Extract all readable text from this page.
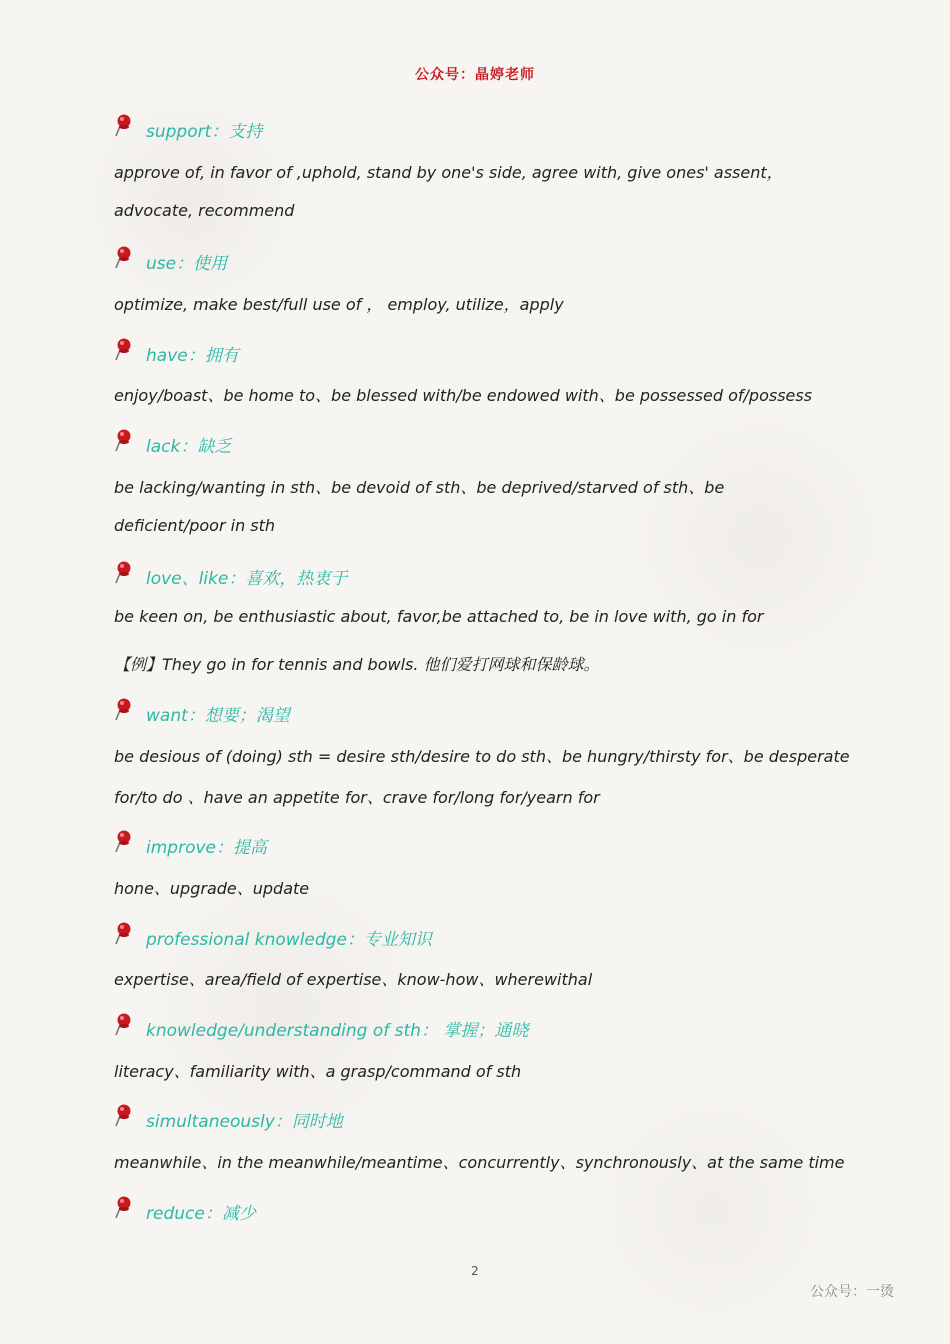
公众号：晶婷老师
support：支持
approve of, in favor of ,uphold, stand by one's side, agree with, give ones' assent，
advocate, recommend
use：使用
optimize, make best/full use of ， employ, utilize，apply
have：拥有
enjoy/boast、be home to、be blessed with/be endowed with、be possessed of/possess
lack：缺乏
be lacking/wanting in sth、be devoid of sth、be deprived/starved of sth、be
deficient/poor in sth
love、like：喜欢，热衷于
be keen on, be enthusiastic about, favor,be attached to, be in love with, go in for
【例】They go in for tennis and bowls. 他们爱打网球和保龄球。
want：想要；渴望
be desious of (doing) sth = desire sth/desire to do sth、be hungry/thirsty for、be desperate
for/to do 、have an appetite for、crave for/long for/yearn for
improve：提高
hone、upgrade、update
professional knowledge：专业知识
expertise、area/field of expertise、know-how、wherewithal
knowledge/understanding of sth： 掌握；通晓
literacy、familiarity with、a grasp/command of sth
simultaneously：同时地
meanwhile、in the meanwhile/meantime、concurrently、synchronously、at the same time
reduce：减少
2
公众号：一烫
